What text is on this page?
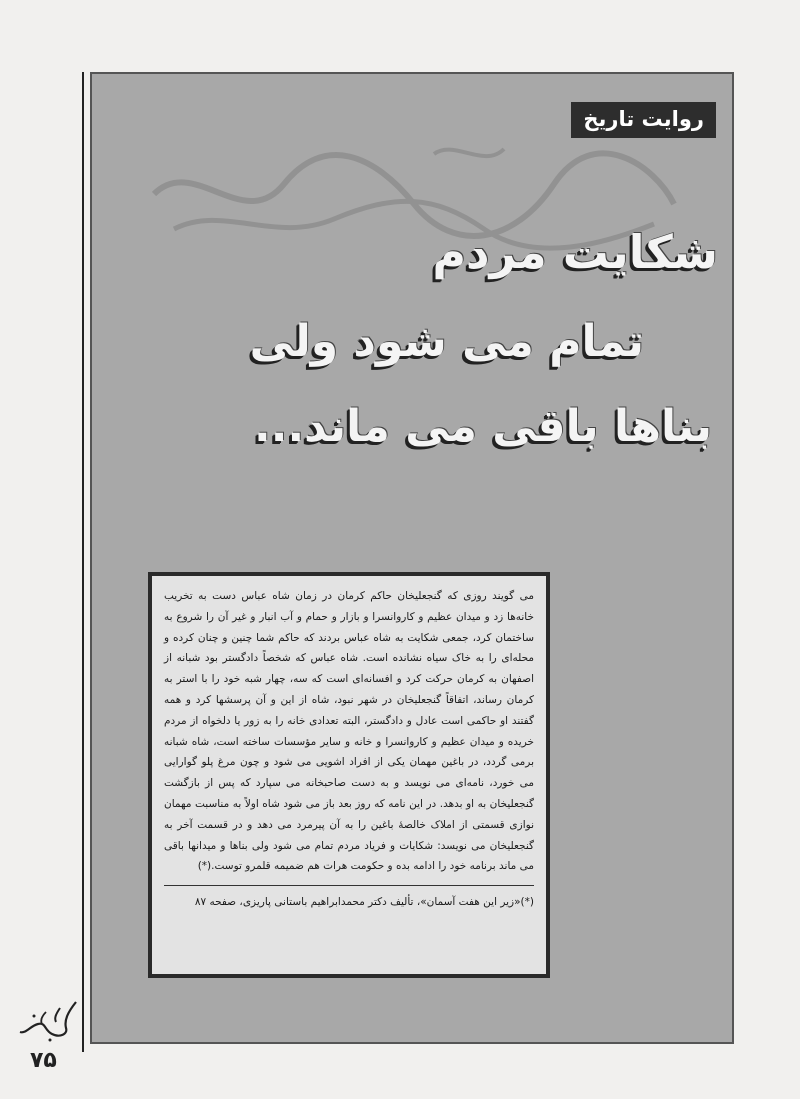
روایت تاریخ
شکایت مردم
تمام می شود ولی
بناها باقی می ماند...

می گویند روزی که گنجعلیخان حاکم کرمان در زمان شاه عباس دست به تخریب خانه‌ها زد و میدان عظیم و کاروانسرا و بازار و حمام و آب انبار و غیر آن را شروع به ساختمان کرد، جمعی شکایت به شاه عباس بردند که حاکم شما چنین و چنان کرده و محله‌ای را به خاک سیاه نشانده است. شاه عباس که شخصاً دادگستر بود شبانه از اصفهان به کرمان حرکت کرد و افسانه‌ای است که سه، چهار شبه خود را با استر به کرمان رساند، اتفاقاً گنجعلیخان در شهر نبود، شاه از این و آن پرسشها کرد و همه گفتند او حاکمی است عادل و دادگستر، البته تعدادی خانه را به زور یا دلخواه از مردم خریده و میدان عظیم و کاروانسرا و خانه و سایر مؤسسات ساخته است، شاه شبانه برمی گردد، در باغین مهمان یکی از افراد اشویی می شود و چون مرغ پلو گوارایی می خورد، نامه‌ای می نویسد و به دست صاحبخانه می سپارد که پس از بازگشت گنجعلیخان به او بدهد. در این نامه که روز بعد باز می شود شاه اولاً به مناسبت مهمان نوازی قسمتی از املاک خالصهٔ باغین را به آن پیرمرد می دهد و در قسمت آخر به گنجعلیخان می نویسد: شکایات و فریاد مردم تمام می شود ولی بناها و میدانها باقی می ماند برنامه خود را ادامه بده و حکومت هرات هم ضمیمه قلمرو توست.(*)

(*)«زیر این هفت آسمان»، تألیف دکتر محمدابراهیم باستانی پاریزی، صفحه ۸۷

۷۵
